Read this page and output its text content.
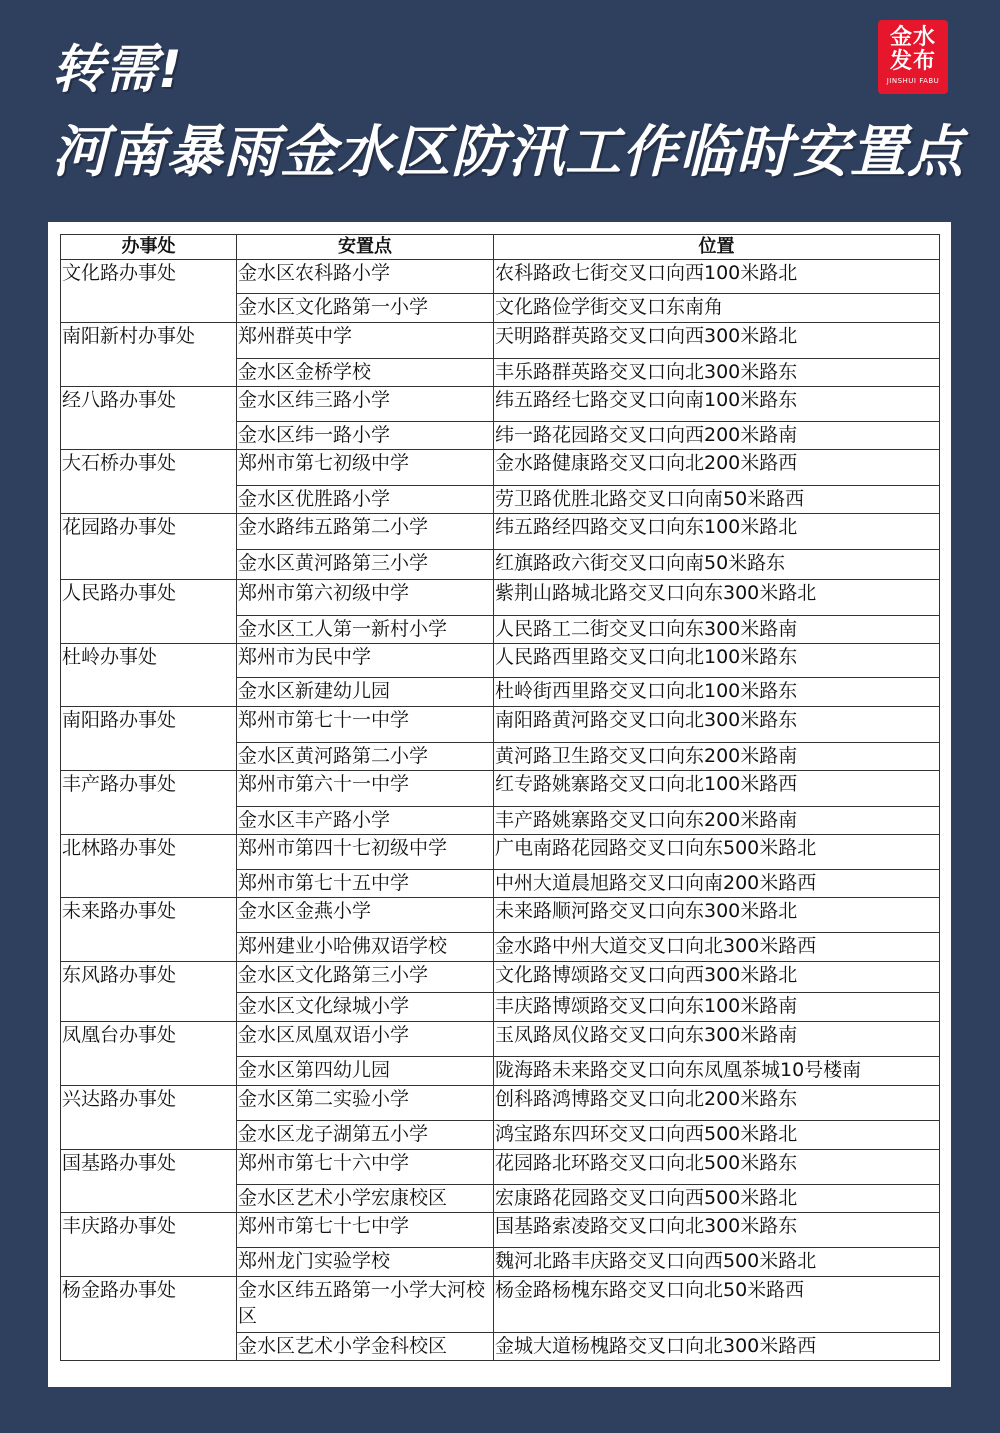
转需!
河南暴雨金水区防汛工作临时安置点
金水发布
JINSHUI FABU
办事处	安置点	位置
文化路办事处	金水区农科路小学	农科路政七街交叉口向西100米路北
	金水区文化路第一小学	文化路俭学街交叉口东南角
南阳新村办事处	郑州群英中学	天明路群英路交叉口向西300米路北
	金水区金桥学校	丰乐路群英路交叉口向北300米路东
经八路办事处	金水区纬三路小学	纬五路经七路交叉口向南100米路东
	金水区纬一路小学	纬一路花园路交叉口向西200米路南
大石桥办事处	郑州市第七初级中学	金水路健康路交叉口向北200米路西
	金水区优胜路小学	劳卫路优胜北路交叉口向南50米路西
花园路办事处	金水路纬五路第二小学	纬五路经四路交叉口向东100米路北
	金水区黄河路第三小学	红旗路政六街交叉口向南50米路东
人民路办事处	郑州市第六初级中学	紫荆山路城北路交叉口向东300米路北
	金水区工人第一新村小学	人民路工二街交叉口向东300米路南
杜岭办事处	郑州市为民中学	人民路西里路交叉口向北100米路东
	金水区新建幼儿园	杜岭街西里路交叉口向北100米路东
南阳路办事处	郑州市第七十一中学	南阳路黄河路交叉口向北300米路东
	金水区黄河路第二小学	黄河路卫生路交叉口向东200米路南
丰产路办事处	郑州市第六十一中学	红专路姚寨路交叉口向北100米路西
	金水区丰产路小学	丰产路姚寨路交叉口向东200米路南
北林路办事处	郑州市第四十七初级中学	广电南路花园路交叉口向东500米路北
	郑州市第七十五中学	中州大道晨旭路交叉口向南200米路西
未来路办事处	金水区金燕小学	未来路顺河路交叉口向东300米路北
	郑州建业小哈佛双语学校	金水路中州大道交叉口向北300米路西
东风路办事处	金水区文化路第三小学	文化路博颂路交叉口向西300米路北
	金水区文化绿城小学	丰庆路博颂路交叉口向东100米路南
凤凰台办事处	金水区凤凰双语小学	玉凤路凤仪路交叉口向东300米路南
	金水区第四幼儿园	陇海路未来路交叉口向东凤凰茶城10号楼南
兴达路办事处	金水区第二实验小学	创科路鸿博路交叉口向北200米路东
	金水区龙子湖第五小学	鸿宝路东四环交叉口向西500米路北
国基路办事处	郑州市第七十六中学	花园路北环路交叉口向北500米路东
	金水区艺术小学宏康校区	宏康路花园路交叉口向西500米路北
丰庆路办事处	郑州市第七十七中学	国基路索凌路交叉口向北300米路东
	郑州龙门实验学校	魏河北路丰庆路交叉口向西500米路北
杨金路办事处	金水区纬五路第一小学大河校区	杨金路杨槐东路交叉口向北50米路西
	金水区艺术小学金科校区	金城大道杨槐路交叉口向北300米路西
